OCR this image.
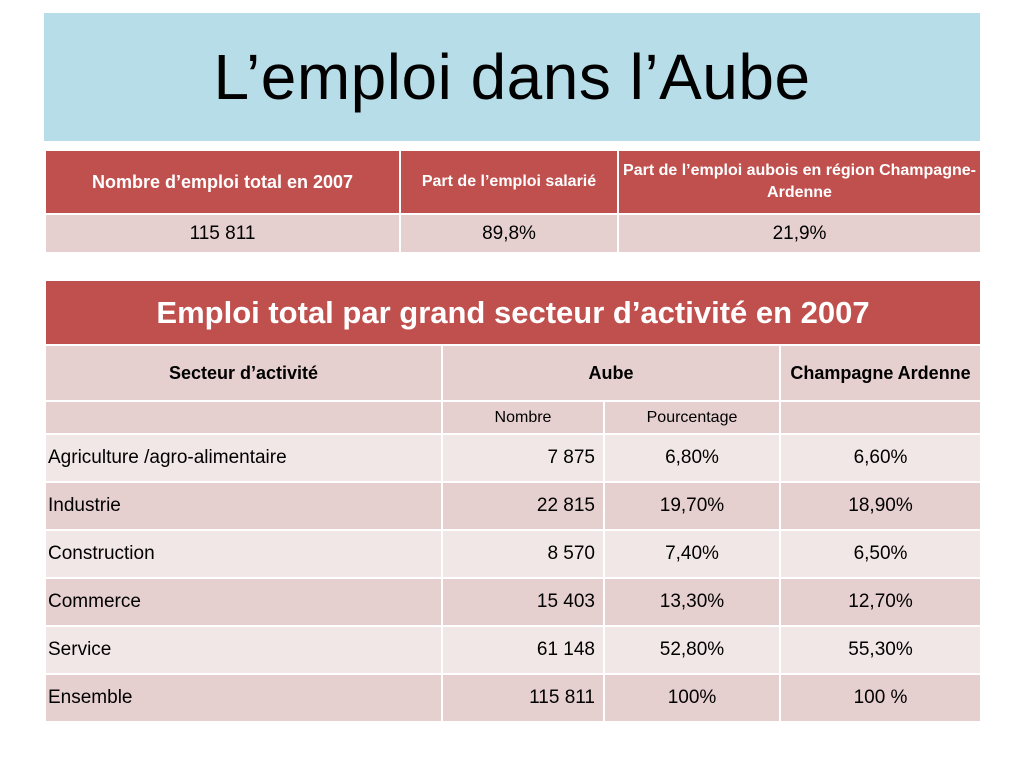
L’emploi dans l’Aube
Nombre d’emploi total en 2007	Part de l’emploi salarié	Part de l’emploi aubois en région Champagne-Ardenne
115 811	89,8%	21,9%
Emploi total par grand secteur d’activité en 2007			
Secteur d’activité	Aube		Champagne Ardenne
	Nombre	Pourcentage	
Agriculture /agro-alimentaire	7 875	6,80%	6,60%
Industrie	22 815	19,70%	18,90%
Construction	8 570	7,40%	6,50%
Commerce	15 403	13,30%	12,70%
Service	61 148	52,80%	55,30%
Ensemble	115 811	100%	100 %
